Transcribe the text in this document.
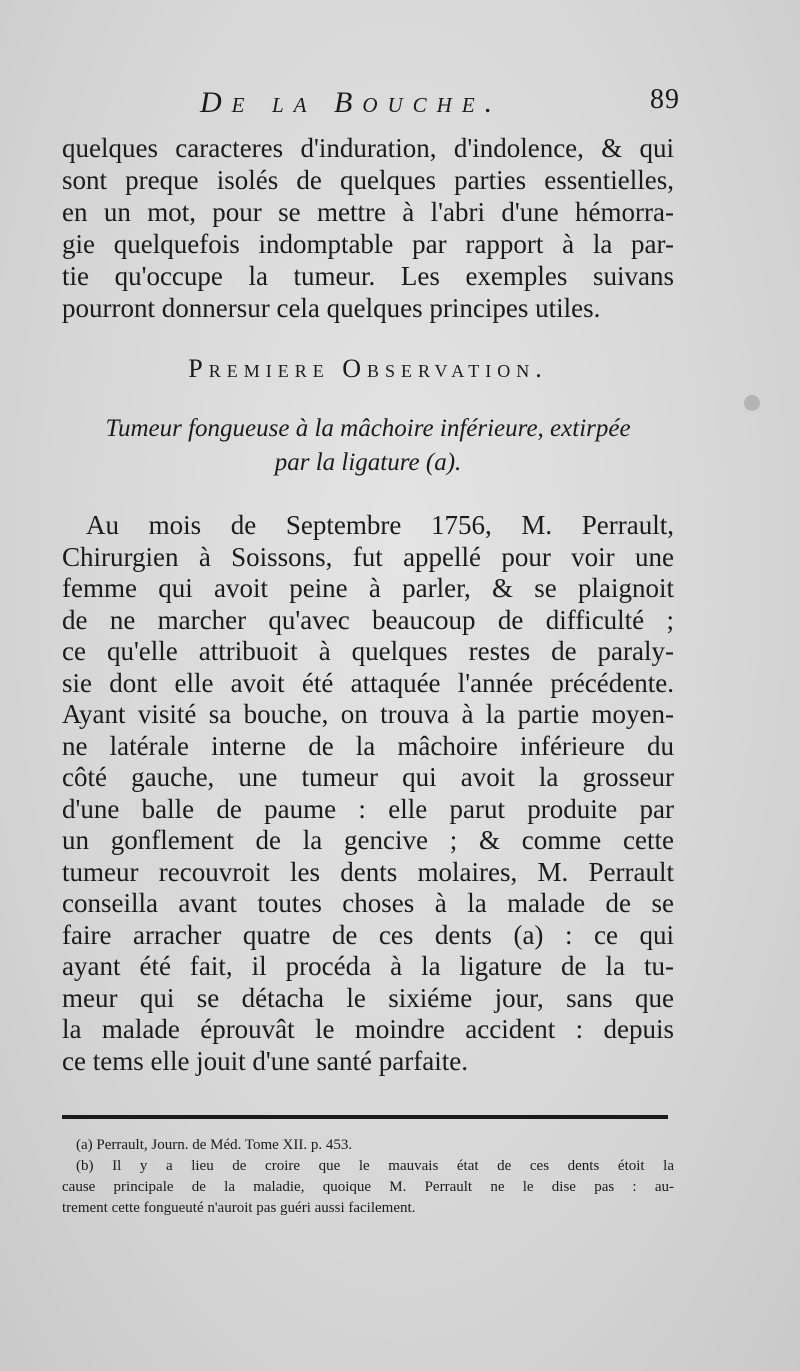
De la Bouche.	89
quelques caracteres d'induration, d'indolence, & qui
sont preque isolés de quelques parties essentielles,
en un mot, pour se mettre à l'abri d'une hémorra-
gie quelquefois indomptable par rapport à la par-
tie qu'occupe la tumeur. Les exemples suivans
pourront donnersur cela quelques principes utiles.
Premiere Observation.
Tumeur fongueuse à la mâchoire inférieure, extirpée
par la ligature (a).
Au mois de Septembre 1756, M. Perrault,
Chirurgien à Soissons, fut appellé pour voir une
femme qui avoit peine à parler, & se plaignoit
de ne marcher qu'avec beaucoup de difficulté ;
ce qu'elle attribuoit à quelques restes de paraly-
sie dont elle avoit été attaquée l'année précédente.
Ayant visité sa bouche, on trouva à la partie moyen-
ne latérale interne de la mâchoire inférieure du
côté gauche, une tumeur qui avoit la grosseur
d'une balle de paume : elle parut produite par
un gonflement de la gencive ; & comme cette
tumeur recouvroit les dents molaires, M. Perrault
conseilla avant toutes choses à la malade de se
faire arracher quatre de ces dents (a) : ce qui
ayant été fait, il procéda à la ligature de la tu-
meur qui se détacha le sixiéme jour, sans que
la malade éprouvât le moindre accident : depuis
ce tems elle jouit d'une santé parfaite.
(a) Perrault, Journ. de Méd. Tome XII. p. 453.
(b) Il y a lieu de croire que le mauvais état de ces dents étoit la
cause principale de la maladie, quoique M. Perrault ne le dise pas : au-
trement cette fongueuté n'auroit pas guéri aussi facilement.
